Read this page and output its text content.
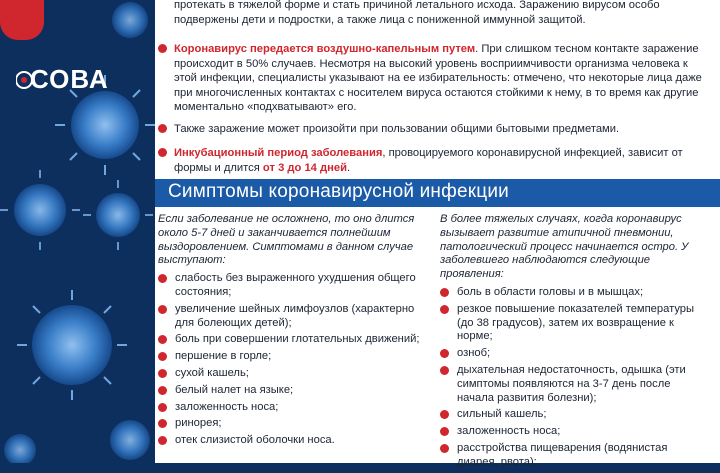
СОВА
протекать в тяжелой форме и стать причиной летального исхода. Заражению вирусом особо подвержены дети и подростки, а также лица с пониженной иммунной защитой.
Коронавирус передается воздушно-капельным путем. При слишком тесном контакте заражение происходит в 50% случаев. Несмотря на высокий уровень восприимчивости организма человека к этой инфекции, специалисты указывают на ее избирательность: отмечено, что некоторые лица даже при многочисленных контактах с носителем вируса остаются стойкими к нему, в то время как другие моментально «подхватывают» его.
Также заражение может произойти при пользовании общими бытовыми предметами.
Инкубационный период заболевания, провоцируемого коронавирусной инфекцией, зависит от формы и длится от 3 до 14 дней.
Симптомы коронавирусной инфекции

Если заболевание не осложнено, то оно длится около 5-7 дней и заканчивается полнейшим выздоровлением. Симптомами в данном случае выступают:

слабость без выраженного ухудшения общего состояния;
увеличение шейных лимфоузлов (характерно для болеющих детей);
боль при совершении глотательных движений;
першение в горле;
сухой кашель;
белый налет на языке;
заложенность носа;
ринорея;
отек слизистой оболочки носа.

В более тяжелых случаях, когда коронавирус вызывает развитие атипичной пневмонии, патологический процесс начинается остро. У заболевшего наблюдаются следующие проявления:

боль в области головы и в мышцах;
резкое повышение показателей температуры (до 38 градусов), затем их возвращение к норме;
озноб;
дыхательная недостаточность, одышка (эти симптомы появляются на 3-7 день после начала развития болезни);
сильный кашель;
заложенность носа;
расстройства пищеварения (водянистая диарея, рвота);
